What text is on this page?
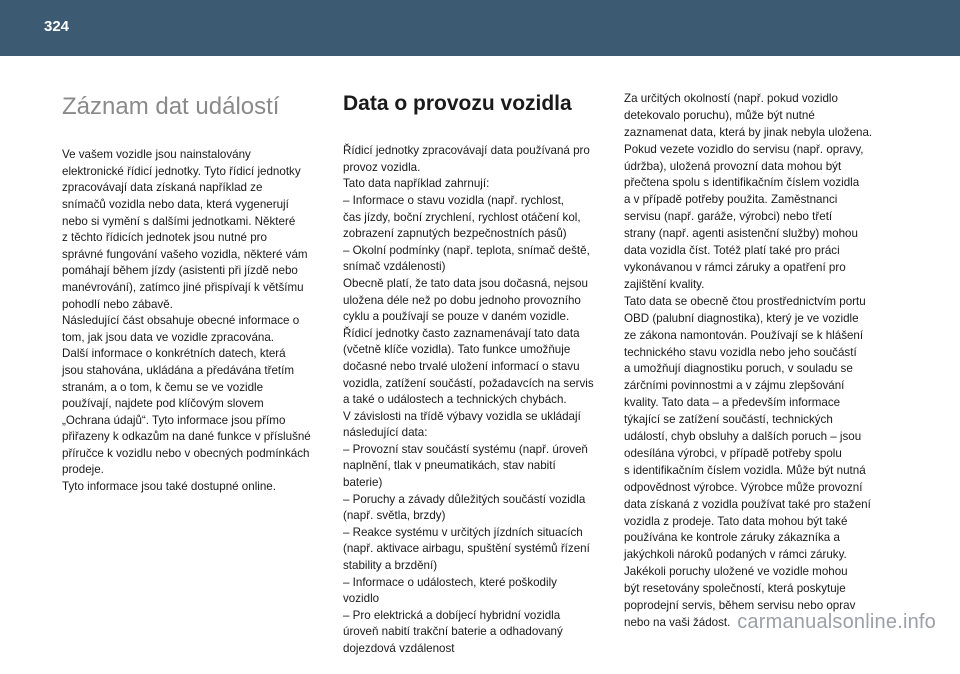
324

Záznam dat událostí

Ve vašem vozidle jsou nainstalovány
elektronické řídicí jednotky. Tyto řídicí jednotky
zpracovávají data získaná například ze
snímačů vozidla nebo data, která vygenerují
nebo si vymění s dalšími jednotkami. Některé
z těchto řídicích jednotek jsou nutné pro
správné fungování vašeho vozidla, některé vám
pomáhají během jízdy (asistenti při jízdě nebo
manévrování), zatímco jiné přispívají k většímu
pohodlí nebo zábavě.
Následující část obsahuje obecné informace o
tom, jak jsou data ve vozidle zpracována.
Další informace o konkrétních datech, která
jsou stahována, ukládána a předávána třetím
stranám, a o tom, k čemu se ve vozidle
používají, najdete pod klíčovým slovem
„Ochrana údajů“. Tyto informace jsou přímo
přiřazeny k odkazům na dané funkce v příslušné
příručce k vozidlu nebo v obecných podmínkách
prodeje.
Tyto informace jsou také dostupné online.

Data o provozu vozidla

Řídicí jednotky zpracovávají data používaná pro
provoz vozidla.
Tato data například zahrnují:
– Informace o stavu vozidla (např. rychlost,
čas jízdy, boční zrychlení, rychlost otáčení kol,
zobrazení zapnutých bezpečnostních pásů)
– Okolní podmínky (např. teplota, snímač deště,
snímač vzdálenosti)
Obecně platí, že tato data jsou dočasná, nejsou
uložena déle než po dobu jednoho provozního
cyklu a používají se pouze v daném vozidle.
Řídicí jednotky často zaznamenávají tato data
(včetně klíče vozidla). Tato funkce umožňuje
dočasné nebo trvalé uložení informací o stavu
vozidla, zatížení součástí, požadavcích na servis
a také o událostech a technických chybách.
V závislosti na třídě výbavy vozidla se ukládají
následující data:
– Provozní stav součástí systému (např. úroveň
naplnění, tlak v pneumatikách, stav nabití
baterie)
– Poruchy a závady důležitých součástí vozidla
(např. světla, brzdy)
– Reakce systému v určitých jízdních situacích
(např. aktivace airbagu, spuštění systémů řízení
stability a brzdění)
– Informace o událostech, které poškodily
vozidlo
– Pro elektrická a dobíjecí hybridní vozidla
úroveň nabití trakční baterie a odhadovaný
dojezdová vzdálenost

Za určitých okolností (např. pokud vozidlo
detekovalo poruchu), může být nutné
zaznamenat data, která by jinak nebyla uložena.
Pokud vezete vozidlo do servisu (např. opravy,
údržba), uložená provozní data mohou být
přečtena spolu s identifikačním číslem vozidla
a v případě potřeby použita. Zaměstnanci
servisu (např. garáže, výrobci) nebo třetí
strany (např. agenti asistenční služby) mohou
data vozidla číst. Totéž platí také pro práci
vykonávanou v rámci záruky a opatření pro
zajištění kvality.
Tato data se obecně čtou prostřednictvím portu
OBD (palubní diagnostika), který je ve vozidle
ze zákona namontován. Používají se k hlášení
technického stavu vozidla nebo jeho součástí
a umožňují diagnostiku poruch, v souladu se
zárčními povinnostmi a v zájmu zlepšování
kvality. Tato data – a především informace
týkající se zatížení součástí, technických
událostí, chyb obsluhy a dalších poruch – jsou
odesílána výrobci, v případě potřeby spolu
s identifikačním číslem vozidla. Může být nutná
odpovědnost výrobce. Výrobce může provozní
data získaná z vozidla používat také pro stažení
vozidla z prodeje. Tato data mohou být také
používána ke kontrole záruky zákazníka a
jakýchkoli nároků podaných v rámci záruky.
Jakékoli poruchy uložené ve vozidle mohou
být resetovány společností, která poskytuje
poprodejní servis, během servisu nebo oprav
nebo na vaši žádost. carmanualsonline.info
